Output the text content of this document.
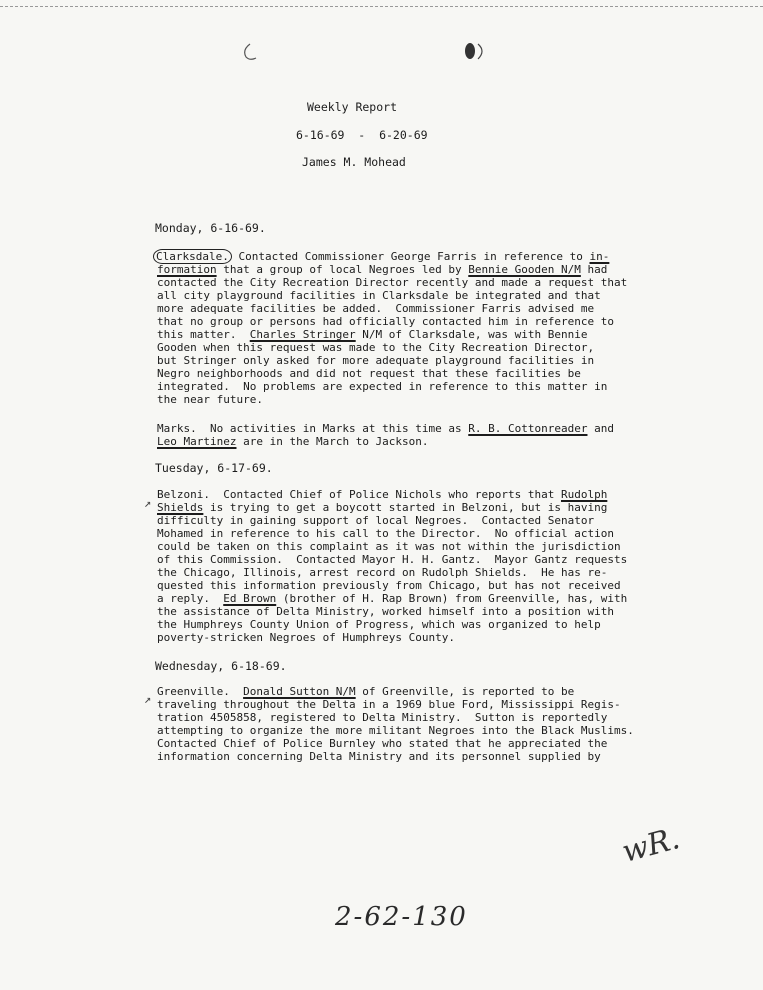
Weekly Report
6-16-69  -  6-20-69
James M. Mohead
Monday, 6-16-69.
Clarksdale. Contacted Commissioner George Farris in reference to in-
formation that a group of local Negroes led by Bennie Gooden N/M had
contacted the City Recreation Director recently and made a request that
all city playground facilities in Clarksdale be integrated and that
more adequate facilities be added.  Commissioner Farris advised me
that no group or persons had officially contacted him in reference to
this matter.  Charles Stringer N/M of Clarksdale, was with Bennie
Gooden when this request was made to the City Recreation Director,
but Stringer only asked for more adequate playground facilities in
Negro neighborhoods and did not request that these facilities be
integrated.  No problems are expected in reference to this matter in
the near future.
Marks.  No activities in Marks at this time as R. B. Cottonreader and
Leo Martinez are in the March to Jackson.
Tuesday, 6-17-69.
Belzoni.  Contacted Chief of Police Nichols who reports that Rudolph
Shields is trying to get a boycott started in Belzoni, but is having
difficulty in gaining support of local Negroes.  Contacted Senator
Mohamed in reference to his call to the Director.  No official action
could be taken on this complaint as it was not within the jurisdiction
of this Commission.  Contacted Mayor H. H. Gantz.  Mayor Gantz requests
the Chicago, Illinois, arrest record on Rudolph Shields.  He has re-
quested this information previously from Chicago, but has not received
a reply.  Ed Brown (brother of H. Rap Brown) from Greenville, has, with
the assistance of Delta Ministry, worked himself into a position with
the Humphreys County Union of Progress, which was organized to help
poverty-stricken Negroes of Humphreys County.
Wednesday, 6-18-69.
Greenville.  Donald Sutton N/M of Greenville, is reported to be
traveling throughout the Delta in a 1969 blue Ford, Mississippi Regis-
tration 4505858, registered to Delta Ministry.  Sutton is reportedly
attempting to organize the more militant Negroes into the Black Muslims.
Contacted Chief of Police Burnley who stated that he appreciated the
information concerning Delta Ministry and its personnel supplied by
↗
↗
wR.
2-62-130
